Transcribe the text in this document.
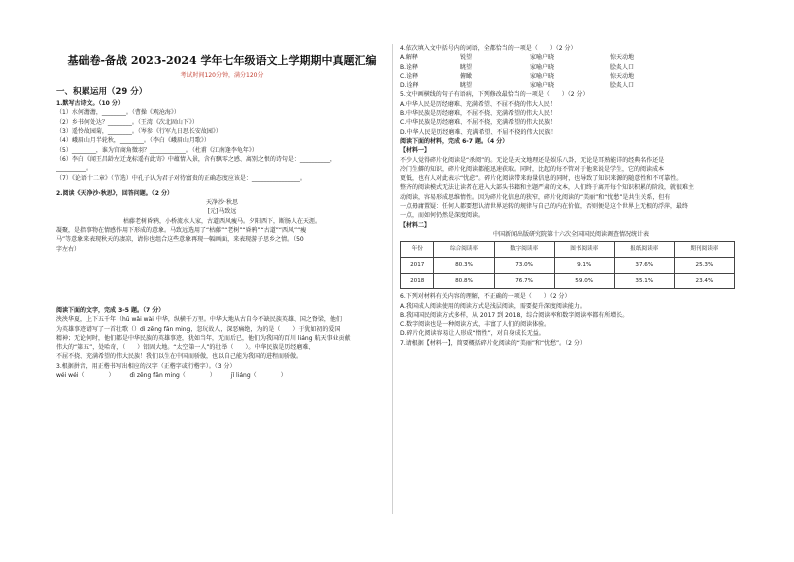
基础卷-备战 2023-2024 学年七年级语文上学期期中真题汇编
考试时间120分钟，满分120分
一、积累运用（29 分）
1.默写古诗文。（10 分）
（1）水何澹澹，________。（曹操《观沧海》）
（2）乡书何处达？________。（王湾《次北固山下》）
（3）遥怜故园菊，________。（岑参《行军九日思长安故园》）
（4）峨眉山月半轮秋，________。（李白《峨眉山月歌》）
（5）________，谁为宫商角徵羽？____________。（杜甫《江南逢李龟年》）
（6）李白《闻王昌龄左迁龙标遥有此寄》中蕴情入景，含有飘零之感、离别之恨的诗句是：__________，
__________。
（7）《论语十二章》（节选）中孔子认为君子对待富贵的正确态度应该是：________________。
2.阅读《天净沙·秋思》，回答问题。（2 分）
天净沙·秋思
[元]马致远
枯藤老树昏鸦，小桥流水人家，古道西风瘦马。夕阳西下，断肠人在天涯。
凝聚，是指事物在情感作用下形成的意象。马致远选用了“枯藤”“老树”“昏鸦”“古道”“西风”“瘦
马”等意象来表现秋天的凄凉，请你也组合这些意象再现一幅画面，来表现游子思乡之情。（50
字左右）
阅读下面的文字，完成 3-5 题。（7 分）
泱泱华夏，上下五千年（hū wǎi wài 中华，纵横千万里。中华大地从古自今不缺民族英雄、国之脊梁，他们
为英雄事迹谱写了一首壮歌（）dì zēng fān ming，忽玩故人，深恶痛绝，为的是（　　）于犹如初的爱国
精神；无论何时，他们都是中华民族的英雄事迹，犹如当年，无而后已，他们为我国的百川 liáng 航天事业贡献
伟大的“第五”，处哈奇，（　　）铝固大地。“太空第一人”的壮举（　　）。中华民族是历经磨难、
不屈不挠、充满希望的伟大民族！我们以生在中国而骄傲，也以自己能为我国的进程而骄傲。
3.根据拼音，用正楷书写出相应的汉字（正楷字或行楷字）。（3 分）
wéi wéi（　　　　）　　　dì zēng fān ming（　　　　）　　　jǐ liáng（　　　　）
4.依次填入文中括号内的词语，全都恰当的一项是（　　）（2 分）
A.解释	锐望	家喻户晓	惊天动地
B.诠释	眺望	家喻户晓	脍炙人口
C.诠释	俯瞰	家喻户晓	惊天动地
D.诠释	眺望	家喻户晓	脍炙人口
5.文中画横线的句子有语病，下列修改最恰当的一项是（　　）（2 分）
A.中华人民是历经磨难、充满希望、不屈不挠的伟大人民！
B.中华民族是历经磨难，不屈不挠、充满希望的伟大人民！
C.中华民族是历经磨难、不屈不挠，充满希望的伟大民族！
D.中华人民是历经磨难、充满希望、不屈不挠的伟大民族！
阅读下面的材料，完成 6-7 题。（4 分）
【材料一】
不少人觉得碎片化阅读是“杀阅”的。无论是天文地理还是娱乐八卦，无论是耳熟能详的经典名作还是
冷门生僻的知识，碎片化阅读都能迅速获取。同时，比起的每不管对于他来说是学生，它的阅读成本
更低，也有人对此表示“忧虑”。碎片化阅读带来海量信息的同时，也导致了知识来源的随意性和不可靠性。
整齐的阅读模式无法让读者在进入大部头书籍和主题严肃的文本，人们终于离开每个知识积累的阶段，就很难主
动阅读，容易形成思维惰性。因为碎片化信息的狭窄，碎片化阅读的“美丽”和“忧愁”是共生关系，但有
一点毋庸置疑：任何人都要想认清世界运转的规律与自己的内在价值，否则便是这个世界上无根的浮萍，最终
一点，而如何仍然是深度阅读。
【材料二】
中国新闻出版研究院第十六次全国国民阅读调查情况统计表
年份	综合阅读率	数字阅读率	图书阅读率	报纸阅读率	期刊阅读率
2017	80.3%	73.0%	9.1%	37.6%	25.3%
2018	80.8%	76.7%	59.0%	35.1%	23.4%
6.下列对材料有关内容的理解，不正确的一项是（　　）（2 分）
A.我国成人阅读使用的阅读方式是浅层阅读，需要提升深度阅读能力。
B.我国国民阅读方式多样，从 2017 到 2018，综合阅读率和数字阅读率都有所增长。
C.数字阅读也是一种阅读方式，丰富了人们的阅读体验。
D.碎片化阅读容易让人形成“惰性”，对自身成长无益。
7.请根据【材料一】，简要概括碎片化阅读的“美丽”和“忧愁”。（2 分）
